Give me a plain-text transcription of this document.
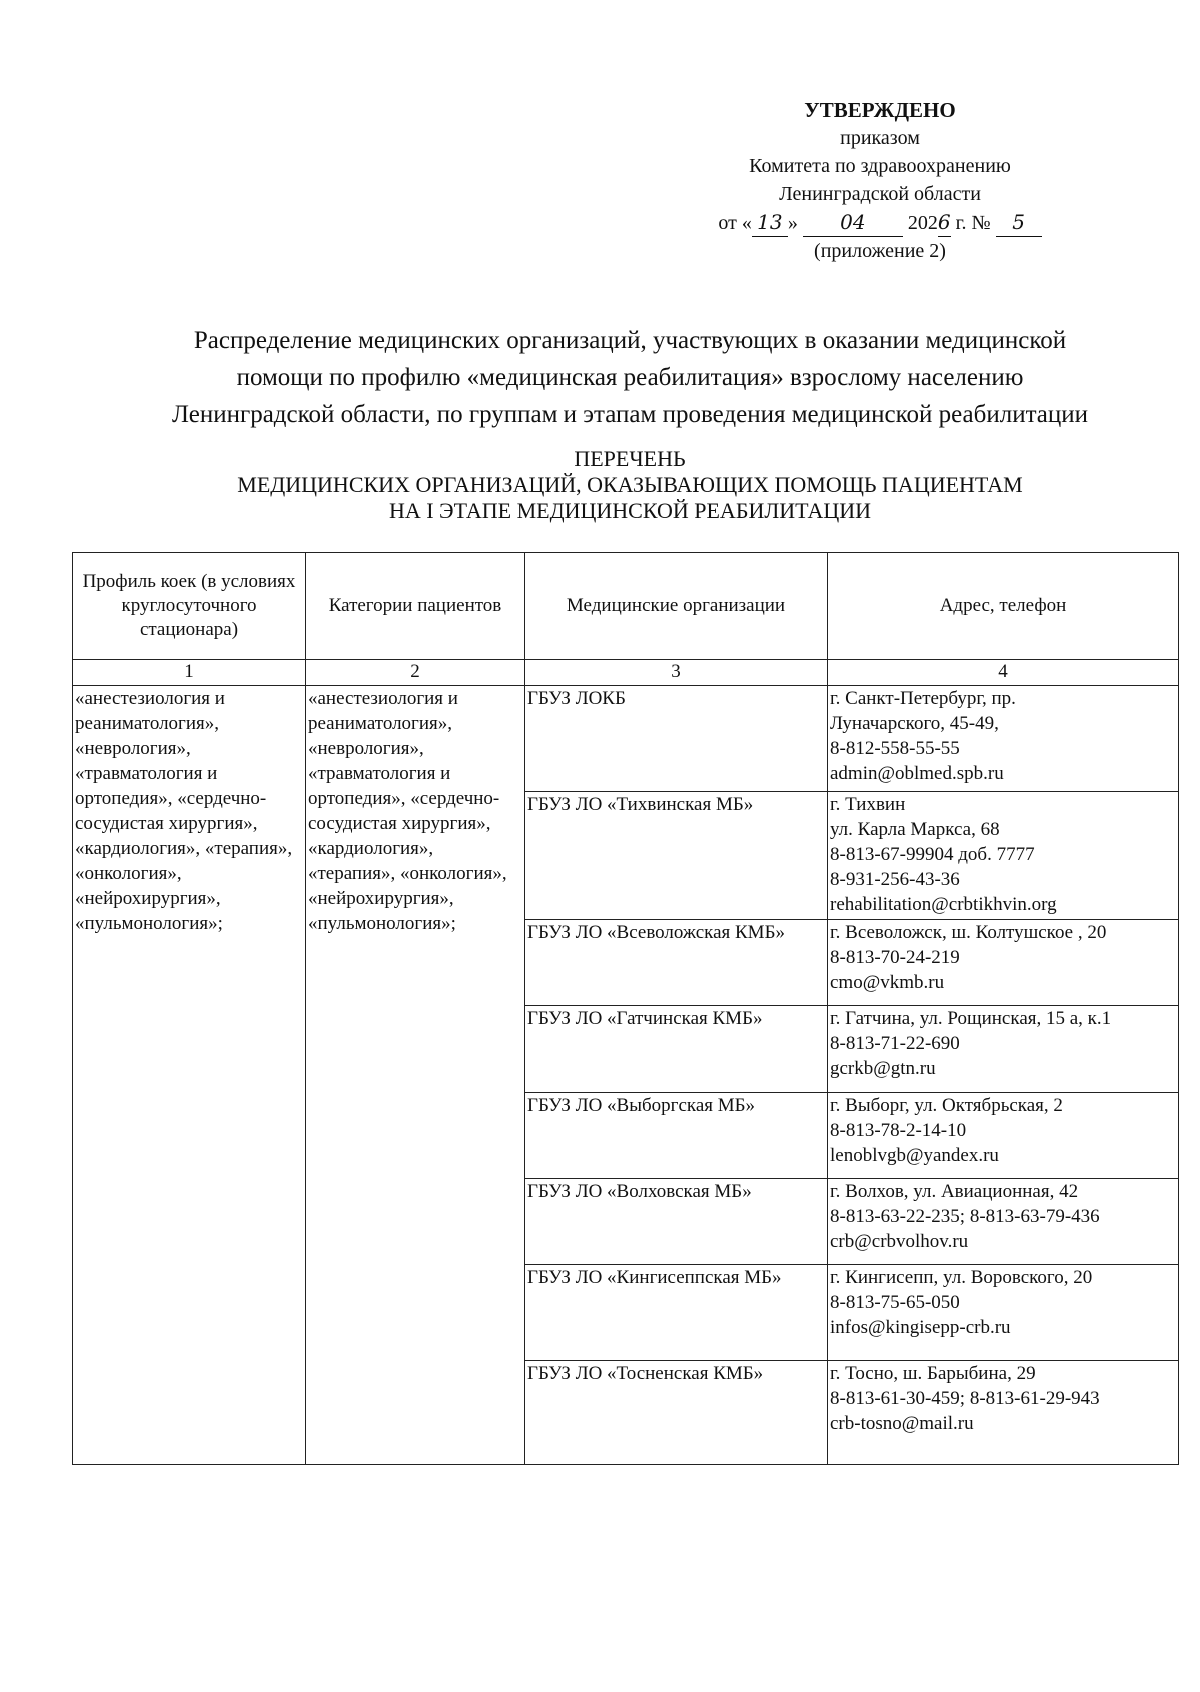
УТВЕРЖДЕНО
приказом
Комитета по здравоохранению
Ленинградской области
от « 13 » 04 2026 г. № 5
(приложение 2)
Распределение медицинских организаций, участвующих в оказании медицинской
помощи по профилю «медицинская реабилитация» взрослому населению
Ленинградской области, по группам и этапам проведения медицинской реабилитации
ПЕРЕЧЕНЬ
МЕДИЦИНСКИХ ОРГАНИЗАЦИЙ, ОКАЗЫВАЮЩИХ ПОМОЩЬ ПАЦИЕНТАМ
НА I ЭТАПЕ МЕДИЦИНСКОЙ РЕАБИЛИТАЦИИ
Профиль коек (в условиях круглосуточного стационара)	Категории пациентов	Медицинские организации	Адрес, телефон
1	2	3	4
«анестезиология и реаниматология», «неврология», «травматология и ортопедия», «сердечно-сосудистая хирургия», «кардиология», «терапия», «онкология», «нейрохирургия», «пульмонология»;	«анестезиология и реаниматология», «неврология», «травматология и ортопедия», «сердечно-сосудистая хирургия», «кардиология», «терапия», «онкология», «нейрохирургия», «пульмонология»;	ГБУЗ ЛОКБ	г. Санкт-Петербург, пр.
Луначарского, 45-49,
8-812-558-55-55
admin@oblmed.spb.ru

		ГБУЗ ЛО «Тихвинская МБ»	г. Тихвин
ул. Карла Маркса, 68
8-813-67-99904 доб. 7777
8-931-256-43-36
rehabilitation@crbtikhvin.org

		ГБУЗ ЛО «Всеволожская КМБ»	г. Всеволожск, ш. Колтушское , 20
8-813-70-24-219
cmo@vkmb.ru

		ГБУЗ ЛО «Гатчинская КМБ»	г. Гатчина, ул. Рощинская, 15 а, к.1
8-813-71-22-690
gcrkb@gtn.ru

		ГБУЗ ЛО «Выборгская МБ»	г. Выборг, ул. Октябрьская, 2
8-813-78-2-14-10
lenoblvgb@yandex.ru

		ГБУЗ ЛО «Волховская МБ»	г. Волхов, ул. Авиационная, 42
8-813-63-22-235; 8-813-63-79-436
crb@crbvolhov.ru

		ГБУЗ ЛО «Кингисеппская МБ»	г. Кингисепп, ул. Воровского, 20
8-813-75-65-050
infos@kingisepp-crb.ru

		ГБУЗ ЛО «Тосненская КМБ»	г. Тосно, ш. Барыбина, 29
8-813-61-30-459; 8-813-61-29-943
crb-tosno@mail.ru
